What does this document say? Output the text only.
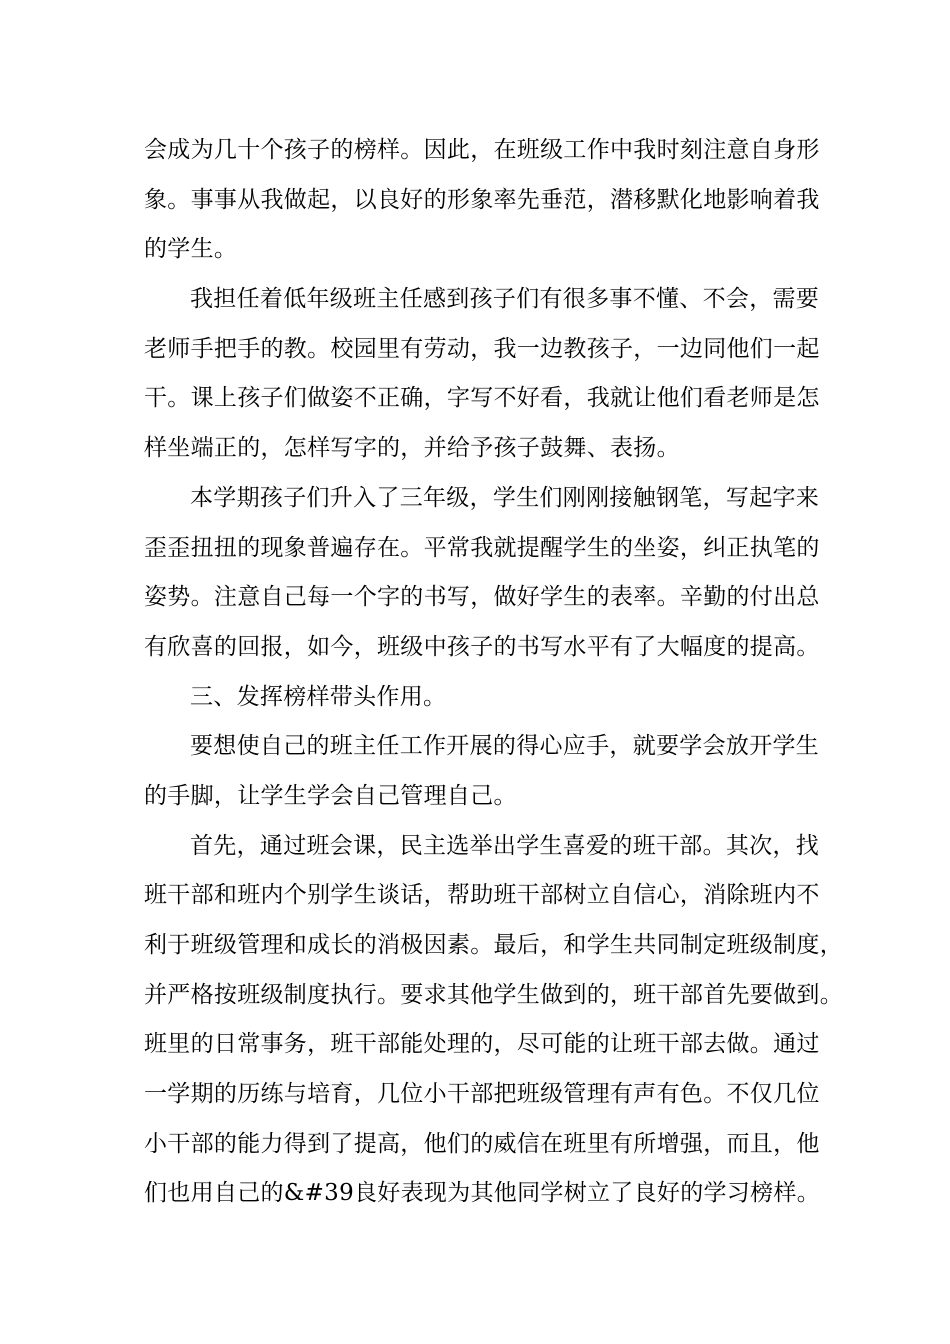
会成为几十个孩子的榜样。因此，在班级工作中我时刻注意自身形
象。事事从我做起，以良好的形象率先垂范，潜移默化地影响着我
的学生。
我担任着低年级班主任感到孩子们有很多事不懂、不会，需要
老师手把手的教。校园里有劳动，我一边教孩子，一边同他们一起
干。课上孩子们做姿不正确，字写不好看，我就让他们看老师是怎
样坐端正的，怎样写字的，并给予孩子鼓舞、表扬。
本学期孩子们升入了三年级，学生们刚刚接触钢笔，写起字来
歪歪扭扭的现象普遍存在。平常我就提醒学生的坐姿，纠正执笔的
姿势。注意自己每一个字的书写，做好学生的表率。辛勤的付出总
有欣喜的回报，如今，班级中孩子的书写水平有了大幅度的提高。
三、发挥榜样带头作用。
要想使自己的班主任工作开展的得心应手，就要学会放开学生
的手脚，让学生学会自己管理自己。
首先，通过班会课，民主选举出学生喜爱的班干部。其次，找
班干部和班内个别学生谈话，帮助班干部树立自信心，消除班内不
利于班级管理和成长的消极因素。最后，和学生共同制定班级制度，
并严格按班级制度执行。要求其他学生做到的，班干部首先要做到。
班里的日常事务，班干部能处理的，尽可能的让班干部去做。通过
一学期的历练与培育，几位小干部把班级管理有声有色。不仅几位
小干部的能力得到了提高，他们的威信在班里有所增强，而且，他
们也用自己的&#39良好表现为其他同学树立了良好的学习榜样。
